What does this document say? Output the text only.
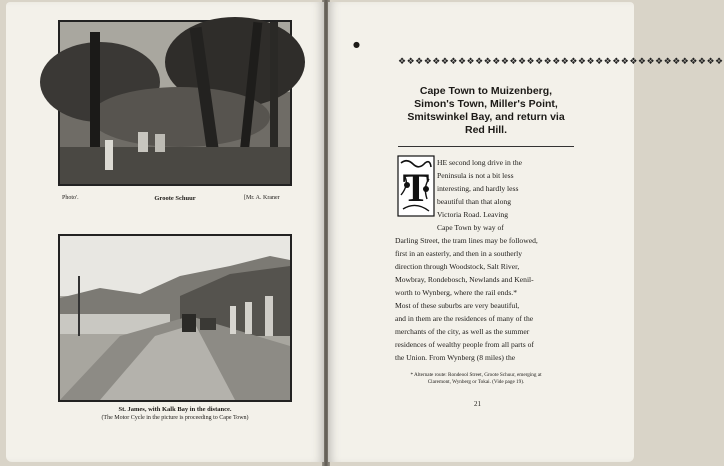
Photo'.	Groote Schuur	[Mr. A. Kraner
St. James, with Kalk Bay in the distance.
(The Motor Cycle in the picture is proceeding to Cape Town)
●
❖❖❖❖❖❖❖❖❖❖❖❖❖❖❖❖❖❖❖❖❖❖❖❖❖❖❖❖❖❖❖❖❖❖❖❖❖❖
Cape Town to Muizenberg,
Simon's Town, Miller's Point,
Smitswinkel Bay, and return via
Red Hill.
T
HE second long drive in the
Peninsula is not a bit less
interesting, and hardly less
beautiful than that along
Victoria Road. Leaving
Cape Town by way of
Darling Street, the tram lines may be followed,
first in an easterly, and then in a southerly
direction through Woodstock, Salt River,
Mowbray, Rondebosch, Newlands and Kenil-
worth to Wynberg, where the rail ends.*
Most of these suburbs are very beautiful,
and in them are the residences of many of the
merchants of the city, as well as the summer
residences of wealthy people from all parts of
the Union. From Wynberg (8 miles) the
* Alternate route: Rondeool Street, Groote Schuur, emerging at
Claremont, Wynberg or Tokai. (Vide page 19).
21
